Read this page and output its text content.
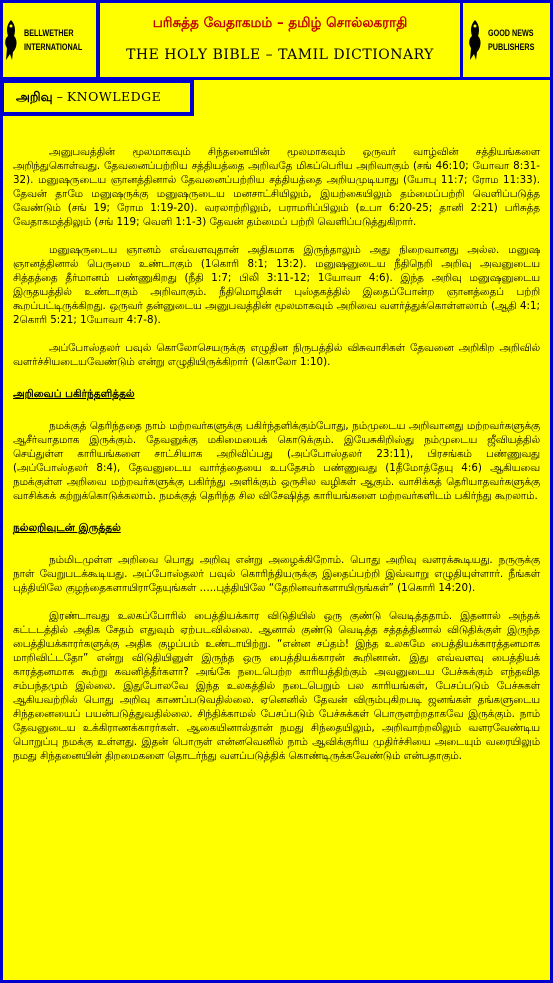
BELLWETHER
INTERNATIONAL
பரிசுத்த வேதாகமம் – தமிழ் சொல்லகராதி
THE HOLY BIBLE – TAMIL DICTIONARY
GOOD NEWS
PUBLISHERS
அறிவு – KNOWLEDGE

அனுபவத்தின் மூலமாகவும் சிந்தனையின் மூலமாகவும் ஒருவர் வாழ்வின் சத்தியங்களை அறிந்துகொள்வது. தேவனைப்பற்றிய சத்தியத்தை அறிவதே மிகப்பெரிய அறிவாகும் (சங் 46:10; யோவா 8:31-32). மனுஷருடைய ஞானத்தினால் தேவனைப்பற்றிய சத்தியத்தை அறியமுடியாது (யோபு 11:7; ரோம 11:33). தேவன் தாமே மனுஷருக்கு மனுஷருடைய மனசாட்சியிலும், இயற்கையிலும் தம்மைப்பற்றி வெளிப்படுத்த வேண்டும் (சங் 19; ரோம 1:19-20). வரலாற்றிலும், பராமரிப்பிலும் (உபா 6:20-25; தானி 2:21) பரிசுத்த வேதாகமத்திலும் (சங் 119; வெளி 1:1-3) தேவன் தம்மைப் பற்றி வெளிப்படுத்துகிறார்.

மனுஷருடைய ஞானம் எவ்வளவுதான் அதிகமாக இருந்தாலும் அது நிறைவானது அல்ல. மனுஷ ஞானத்தினால் பெருமை உண்டாகும் (1கொரி 8:1; 13:2). மனுஷனுடைய நீதிநெறி அறிவு அவனுடைய சித்தத்தை தீர்மானம் பண்ணுகிறது (நீதி 1:7; பிலி 3:11-12; 1யோவா 4:6). இந்த அறிவு மனுஷனுடைய இருதயத்தில் உண்டாகும் அறிவாகும். நீதிமொழிகள் புஸ்தகத்தில் இதைப்போன்ற ஞானத்தைப் பற்றி கூறப்பட்டிருக்கிறது. ஒருவர் தன்னுடைய அனுபவத்தின் மூலமாகவும் அறிவை வளர்த்துக்கொள்ளலாம் (ஆதி 4:1; 2கொரி 5:21; 1யோவா 4:7-8).

அப்போஸ்தலர் பவுல் கொலோசெயருக்கு எழுதின நிருபத்தில் விசுவாசிகள் தேவனை அறிகிற அறிவில் வளர்ச்சியடையவேண்டும் என்று எழுதியிருக்கிறார் (கொலோ 1:10).

அறிவைப் பகிர்ந்தளித்தல்

நமக்குத் தெரிந்ததை நாம் மற்றவர்களுக்கு பகிர்ந்தளிக்கும்போது, நம்முடைய அறிவானது மற்றவர்களுக்கு ஆசீர்வாதமாக இருக்கும். தேவனுக்கு மகிமையைக் கொடுக்கும். இயேசுகிறிஸ்து நம்முடைய ஜீவியத்தில் செய்துள்ள காரியங்களை சாட்சியாக அறிவிப்பது (அப்போஸ்தலர் 23:11), பிரசங்கம் பண்ணுவது (அப்போஸ்தலர் 8:4), தேவனுடைய வார்த்தையை உபதேசம் பண்ணுவது (1தீமோத்தேயு 4:6) ஆகியவை நமக்குள்ள அறிவை மற்றவர்களுக்கு பகிர்ந்து அளிக்கும் ஒருசில வழிகள் ஆகும். வாசிக்கத் தெரியாதவர்களுக்கு வாசிக்கக் கற்றுக்கொடுக்கலாம். நமக்குத் தெரிந்த சில விசேஷித்த காரியங்களை மற்றவர்களிடம் பகிர்ந்து கூறலாம்.

நல்லறிவுடன் இருத்தல்

நம்மிடமுள்ள அறிவை பொது அறிவு என்று அழைக்கிறோம். பொது அறிவு வளரக்கூடியது. நருருக்கு நாள் வேறுபடக்கூடியது. அப்போஸ்தலர் பவுல் கொரிந்தியருக்கு இதைப்பற்றி இவ்வாறு எழுதியுள்ளார். நீங்கள் புத்தியிலே குழந்தைகளாயிராதேயுங்கள் …..புத்தியிலே “தேறினவர்களாயிருங்கள்” (1கொரி 14:20).

இரண்டாவது உலகப்போரில் பைத்தியக்கார விடுதியில் ஒரு குண்டு வெடித்ததாம். இதனால் அந்தக் கட்டடத்தில் அதிக சேதம் எதுவும் ஏற்படவில்லை. ஆனால் குண்டு வெடித்த சத்தத்தினால் விடுதிக்குள் இருந்த பைத்தியக்காரர்களுக்கு அதிக குழப்பம் உண்டாயிற்று. “என்ன சப்தம்! இந்த உலகமே பைத்தியக்காரத்தனமாக மாறிவிட்டதோ” என்று விடுதியினுள் இருந்த ஒரு பைத்தியக்காரன் கூறினான். இது எவ்வளவு பைத்தியக் காரத்தனமாக கூற்று கவனித்தீர்களா? அங்கே நடைபெற்ற காரியத்திற்கும் அவனுடைய பேச்சுக்கும் எந்தவித சம்பந்தமும் இல்லை. இதுபோலவே இந்த உலகத்தில் நடைபெறும் பல காரியங்கள், பேசப்படும் பேச்சுகள் ஆகியவற்றில் பொது அறிவு காணப்படுவதில்லை. ஏனெனில் தேவன் விரும்புகிறபடி ஜனங்கள் தங்களுடைய சிந்தனையைப் பயன்படுத்துவதில்லை. சிந்திக்காமல் பேசப்படும் பேச்சுக்கள் பொருளற்றதாகவே இருக்கும். நாம் தேவனுடைய உக்கிராணக்காரர்கள். ஆகையினால்தான் நமது சிந்தையிலும், அறிவாற்றலிலும் வளரவேண்டிய பொறுப்பு நமக்கு உள்ளது. இதன் பொருள் என்னவெனில் நாம் ஆவிக்குரிய முதிர்ச்சியை அடையும் வரையிலும் நமது சிந்தனையின் திறமைகளை தொடர்ந்து வளப்படுத்திக் கொண்டிருக்கவேண்டும் என்பதாகும்.
